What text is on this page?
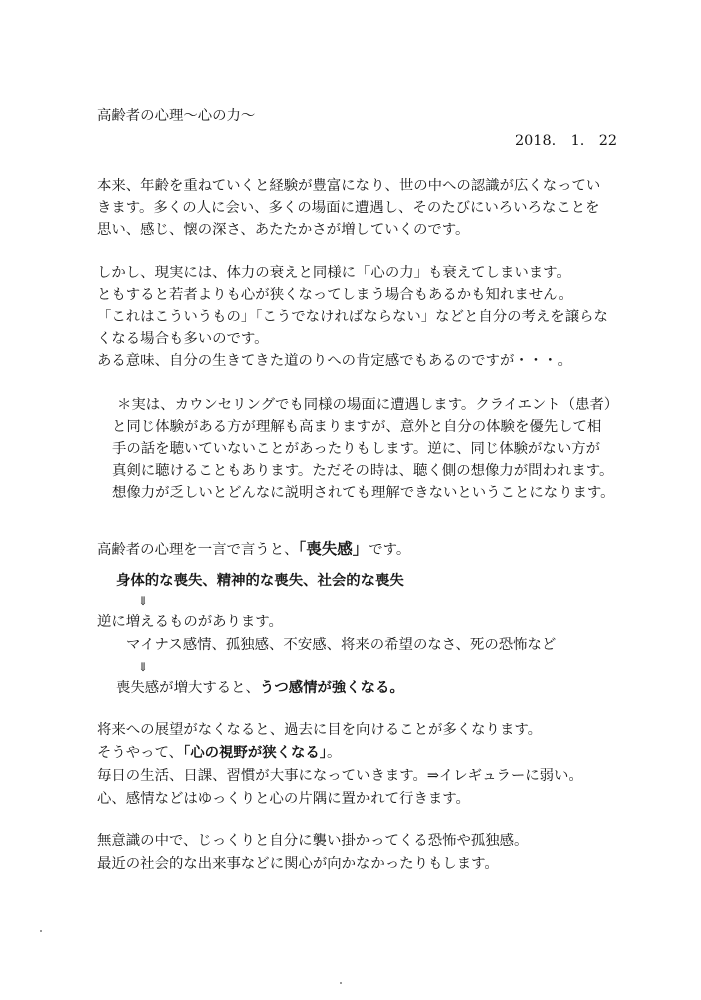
高齢者の心理〜心の力〜
2018.　1.　22
本来、年齢を重ねていくと経験が豊富になり、世の中への認識が広くなってい
きます。多くの人に会い、多くの場面に遭遇し、そのたびにいろいろなことを
思い、感じ、懐の深さ、あたたかさが増していくのです。
しかし、現実には、体力の衰えと同様に「心の力」も衰えてしまいます。
ともすると若者よりも心が狭くなってしまう場合もあるかも知れません。
「これはこういうもの」「こうでなければならない」などと自分の考えを譲らな
くなる場合も多いのです。
ある意味、自分の生きてきた道のりへの肯定感でもあるのですが・・・。
＊実は、カウンセリングでも同様の場面に遭遇します。クライエント（患者）
と同じ体験がある方が理解も高まりますが、意外と自分の体験を優先して相
手の話を聴いていないことがあったりもします。逆に、同じ体験がない方が
真剣に聴けることもあります。ただその時は、聴く側の想像力が問われます。
想像力が乏しいとどんなに説明されても理解できないということになります。
高齢者の心理を一言で言うと、「喪失感」です。
身体的な喪失、精神的な喪失、社会的な喪失
⇓
逆に増えるものがあります。
マイナス感情、孤独感、不安感、将来の希望のなさ、死の恐怖など
⇓
喪失感が増大すると、うつ感情が強くなる。
将来への展望がなくなると、過去に目を向けることが多くなります。
そうやって、「心の視野が狭くなる」。
毎日の生活、日課、習慣が大事になっていきます。⇒イレギュラーに弱い。
心、感情などはゆっくりと心の片隅に置かれて行きます。
無意識の中で、じっくりと自分に襲い掛かってくる恐怖や孤独感。
最近の社会的な出来事などに関心が向かなかったりもします。
